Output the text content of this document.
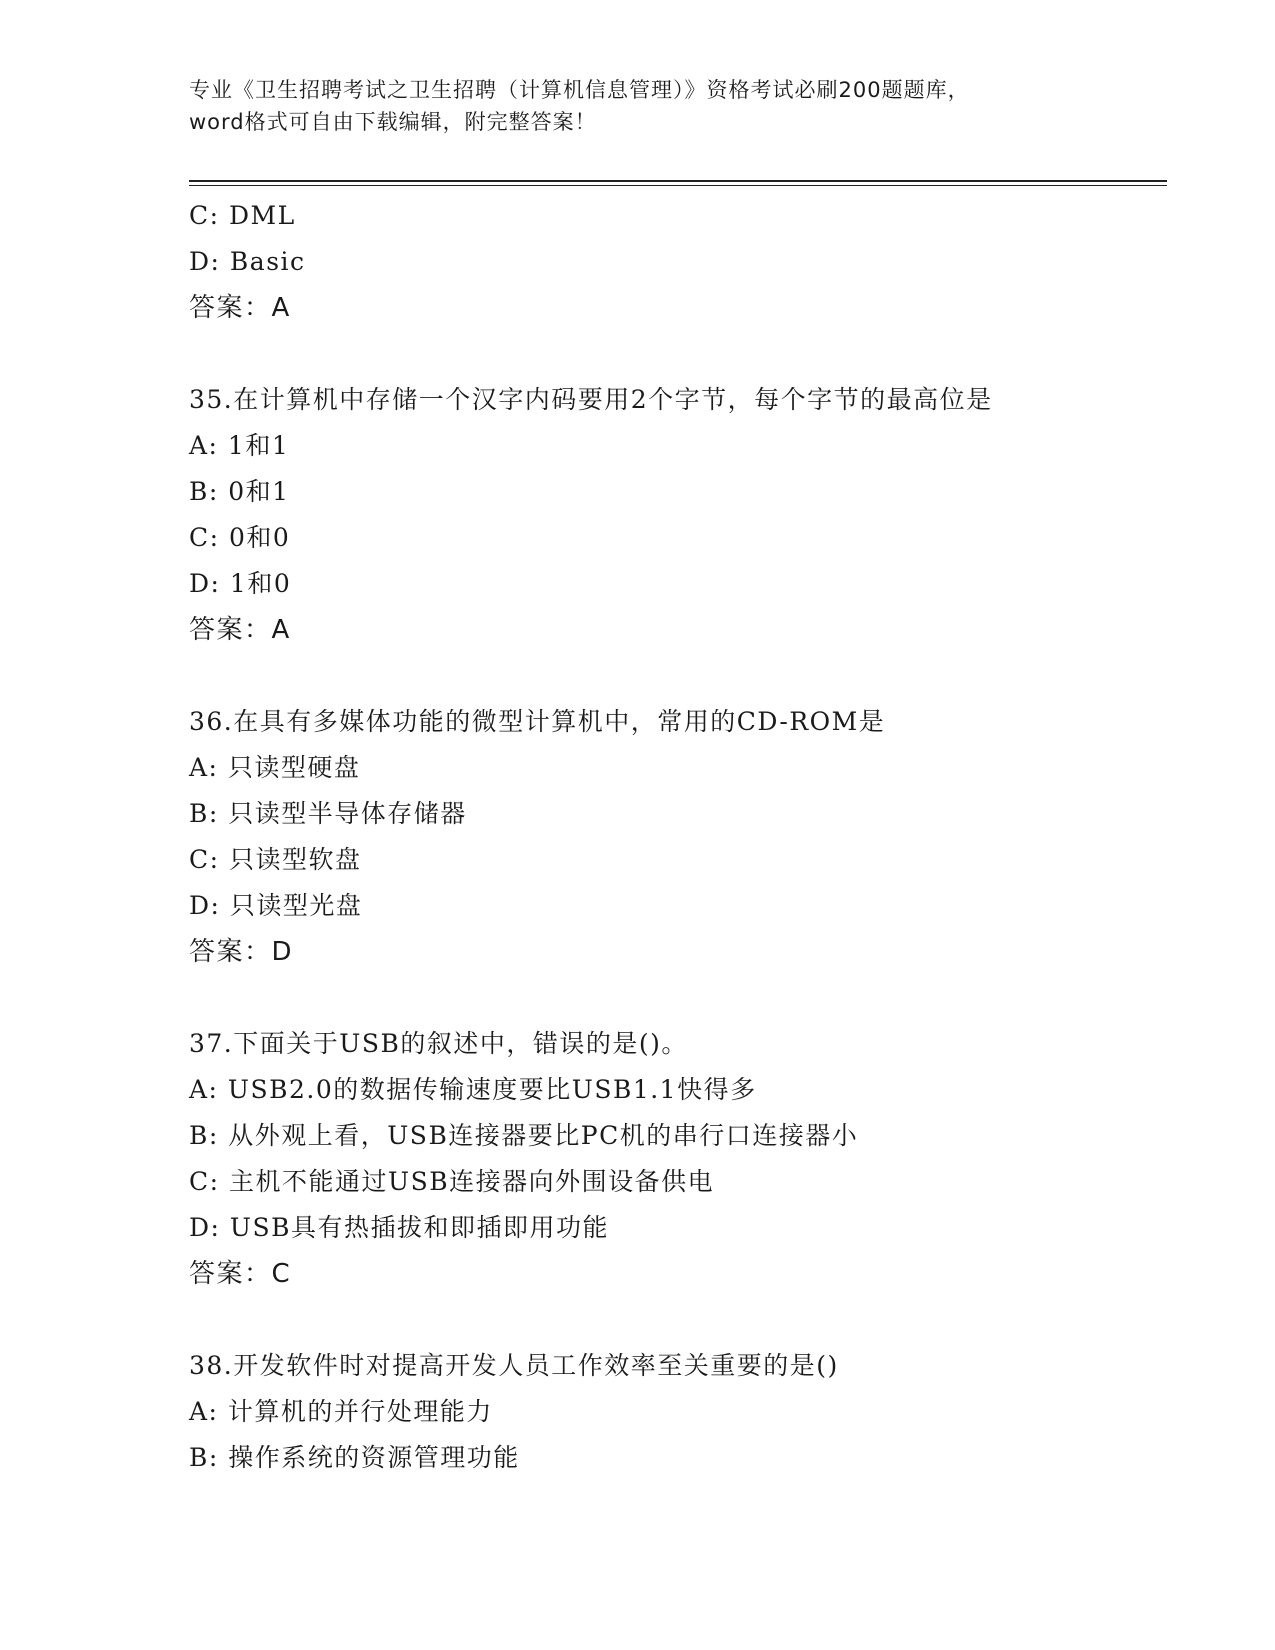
专业《卫生招聘考试之卫生招聘（计算机信息管理）》资格考试必刷200题题库，
word格式可自由下载编辑，附完整答案！
C: DML
D: Basic
答案：A
35.在计算机中存储一个汉字内码要用2个字节，每个字节的最高位是
A: 1和1
B: 0和1
C: 0和0
D: 1和0
答案：A
36.在具有多媒体功能的微型计算机中，常用的CD-ROM是
A: 只读型硬盘
B: 只读型半导体存储器
C: 只读型软盘
D: 只读型光盘
答案：D
37.下面关于USB的叙述中，错误的是()。
A: USB2.0的数据传输速度要比USB1.1快得多
B: 从外观上看，USB连接器要比PC机的串行口连接器小
C: 主机不能通过USB连接器向外围设备供电
D: USB具有热插拔和即插即用功能
答案：C
38.开发软件时对提高开发人员工作效率至关重要的是()
A: 计算机的并行处理能力
B: 操作系统的资源管理功能
